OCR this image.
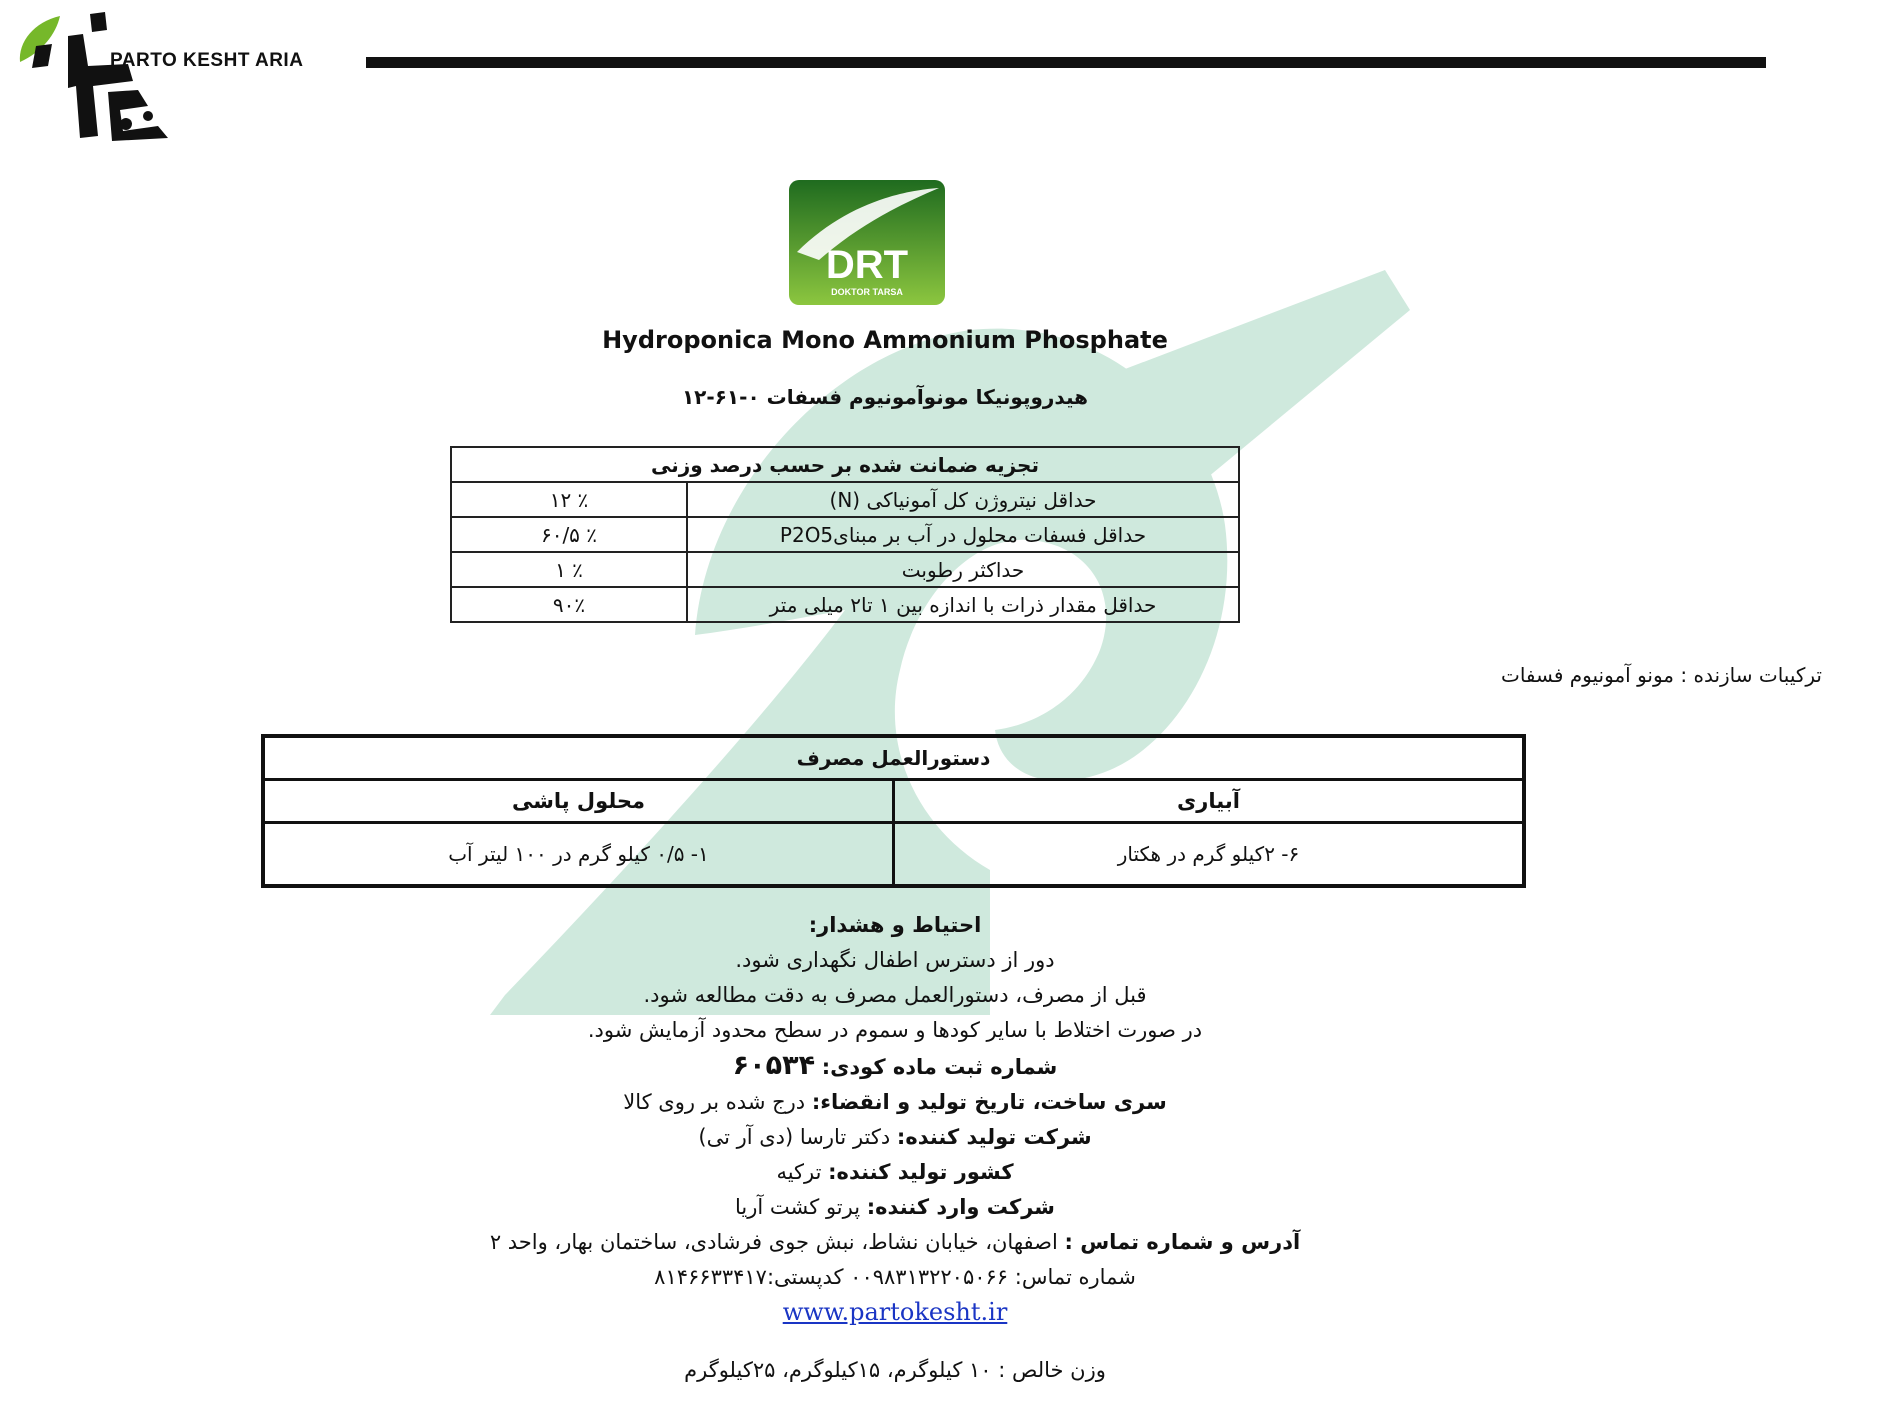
PARTO KESHT ARIA
DRT
DOKTOR TARSA
Hydroponica Mono Ammonium Phosphate
هیدروپونیکا مونوآمونیوم فسفات ۰-۶۱-۱۲
تجزیه ضمانت شده بر حسب درصد وزنی	
حداقل نیتروژن کل آمونیاکی (N)	٪ ۱۲
حداقل فسفات محلول در آب بر مبنایP2O5	٪ ۶۰/۵
حداکثر رطوبت	٪ ۱
حداقل مقدار ذرات با اندازه بین ۱ تا۲ میلی متر	۹۰٪
ترکیبات سازنده : مونو آمونیوم فسفات
دستورالعمل مصرف	
آبیاری	محلول پاشی
۶- ۲کیلو گرم در هکتار	۱- ۰/۵ کیلو گرم در ۱۰۰ لیتر آب
احتیاط و هشدار:
دور از دسترس اطفال نگهداری شود.
قبل از مصرف، دستورالعمل مصرف به دقت مطالعه شود.
در صورت اختلاط با سایر کودها و سموم در سطح محدود آزمایش شود.
شماره ثبت ماده کودی: ۶۰۵۳۴
سری ساخت، تاریخ تولید و انقضاء: درج شده بر روی کالا
شرکت تولید کننده: دکتر تارسا (دی آر تی)
کشور تولید کننده: ترکیه
شرکت وارد کننده: پرتو کشت آریا
آدرس و شماره تماس : اصفهان، خیابان نشاط، نبش جوی فرشادی، ساختمان بهار، واحد ۲
شماره تماس: ۰۰۹۸۳۱۳۲۲۰۵۰۶۶ کدپستی:۸۱۴۶۶۳۳۴۱۷
www.partokesht.ir
وزن خالص : ۱۰ کیلوگرم، ۱۵کیلوگرم، ۲۵کیلوگرم
